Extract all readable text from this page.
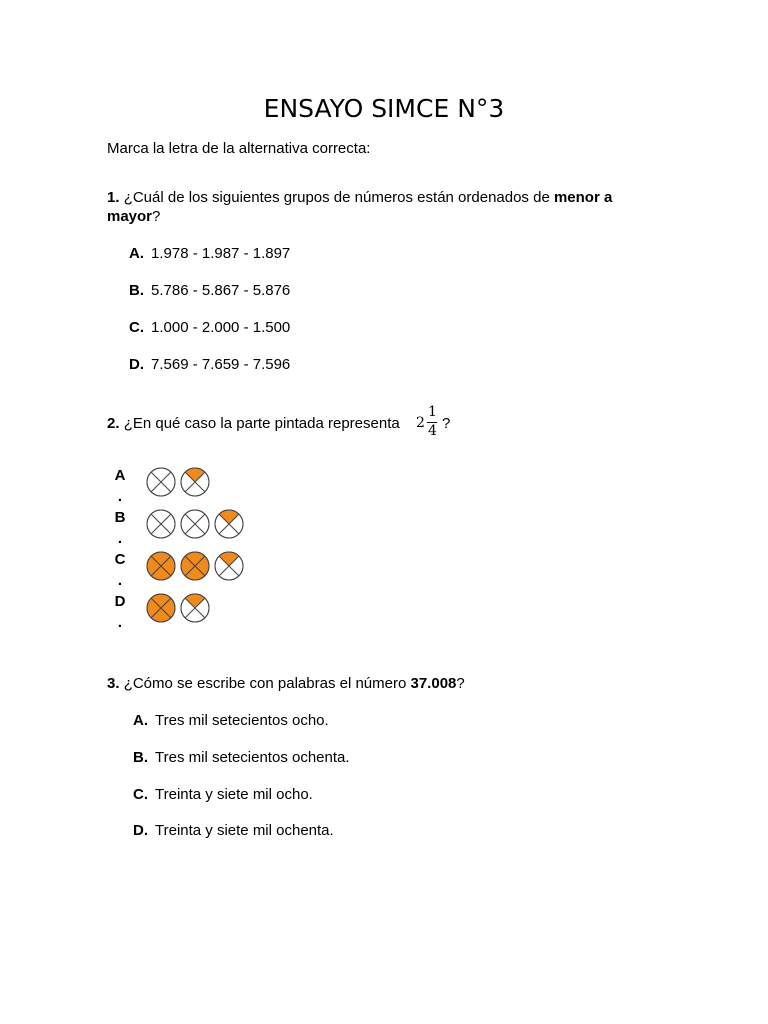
ENSAYO SIMCE N°3
Marca la letra de la alternativa correcta:
1. ¿Cuál de los siguientes grupos de números están ordenados de menor a
mayor?
A. 1.978 - 1.987 - 1.897
B. 5.786 - 5.867 - 5.876
C. 1.000 - 2.000 - 1.500
D. 7.569 - 7.659 - 7.596
2. ¿En qué caso la parte pintada representa 2
1
4 ?
A
.
B
.
C
.
D
.
3. ¿Cómo se escribe con palabras el número 37.008?
A. Tres mil setecientos ocho.
B. Tres mil setecientos ochenta.
C. Treinta y siete mil ocho.
D. Treinta y siete mil ochenta.
